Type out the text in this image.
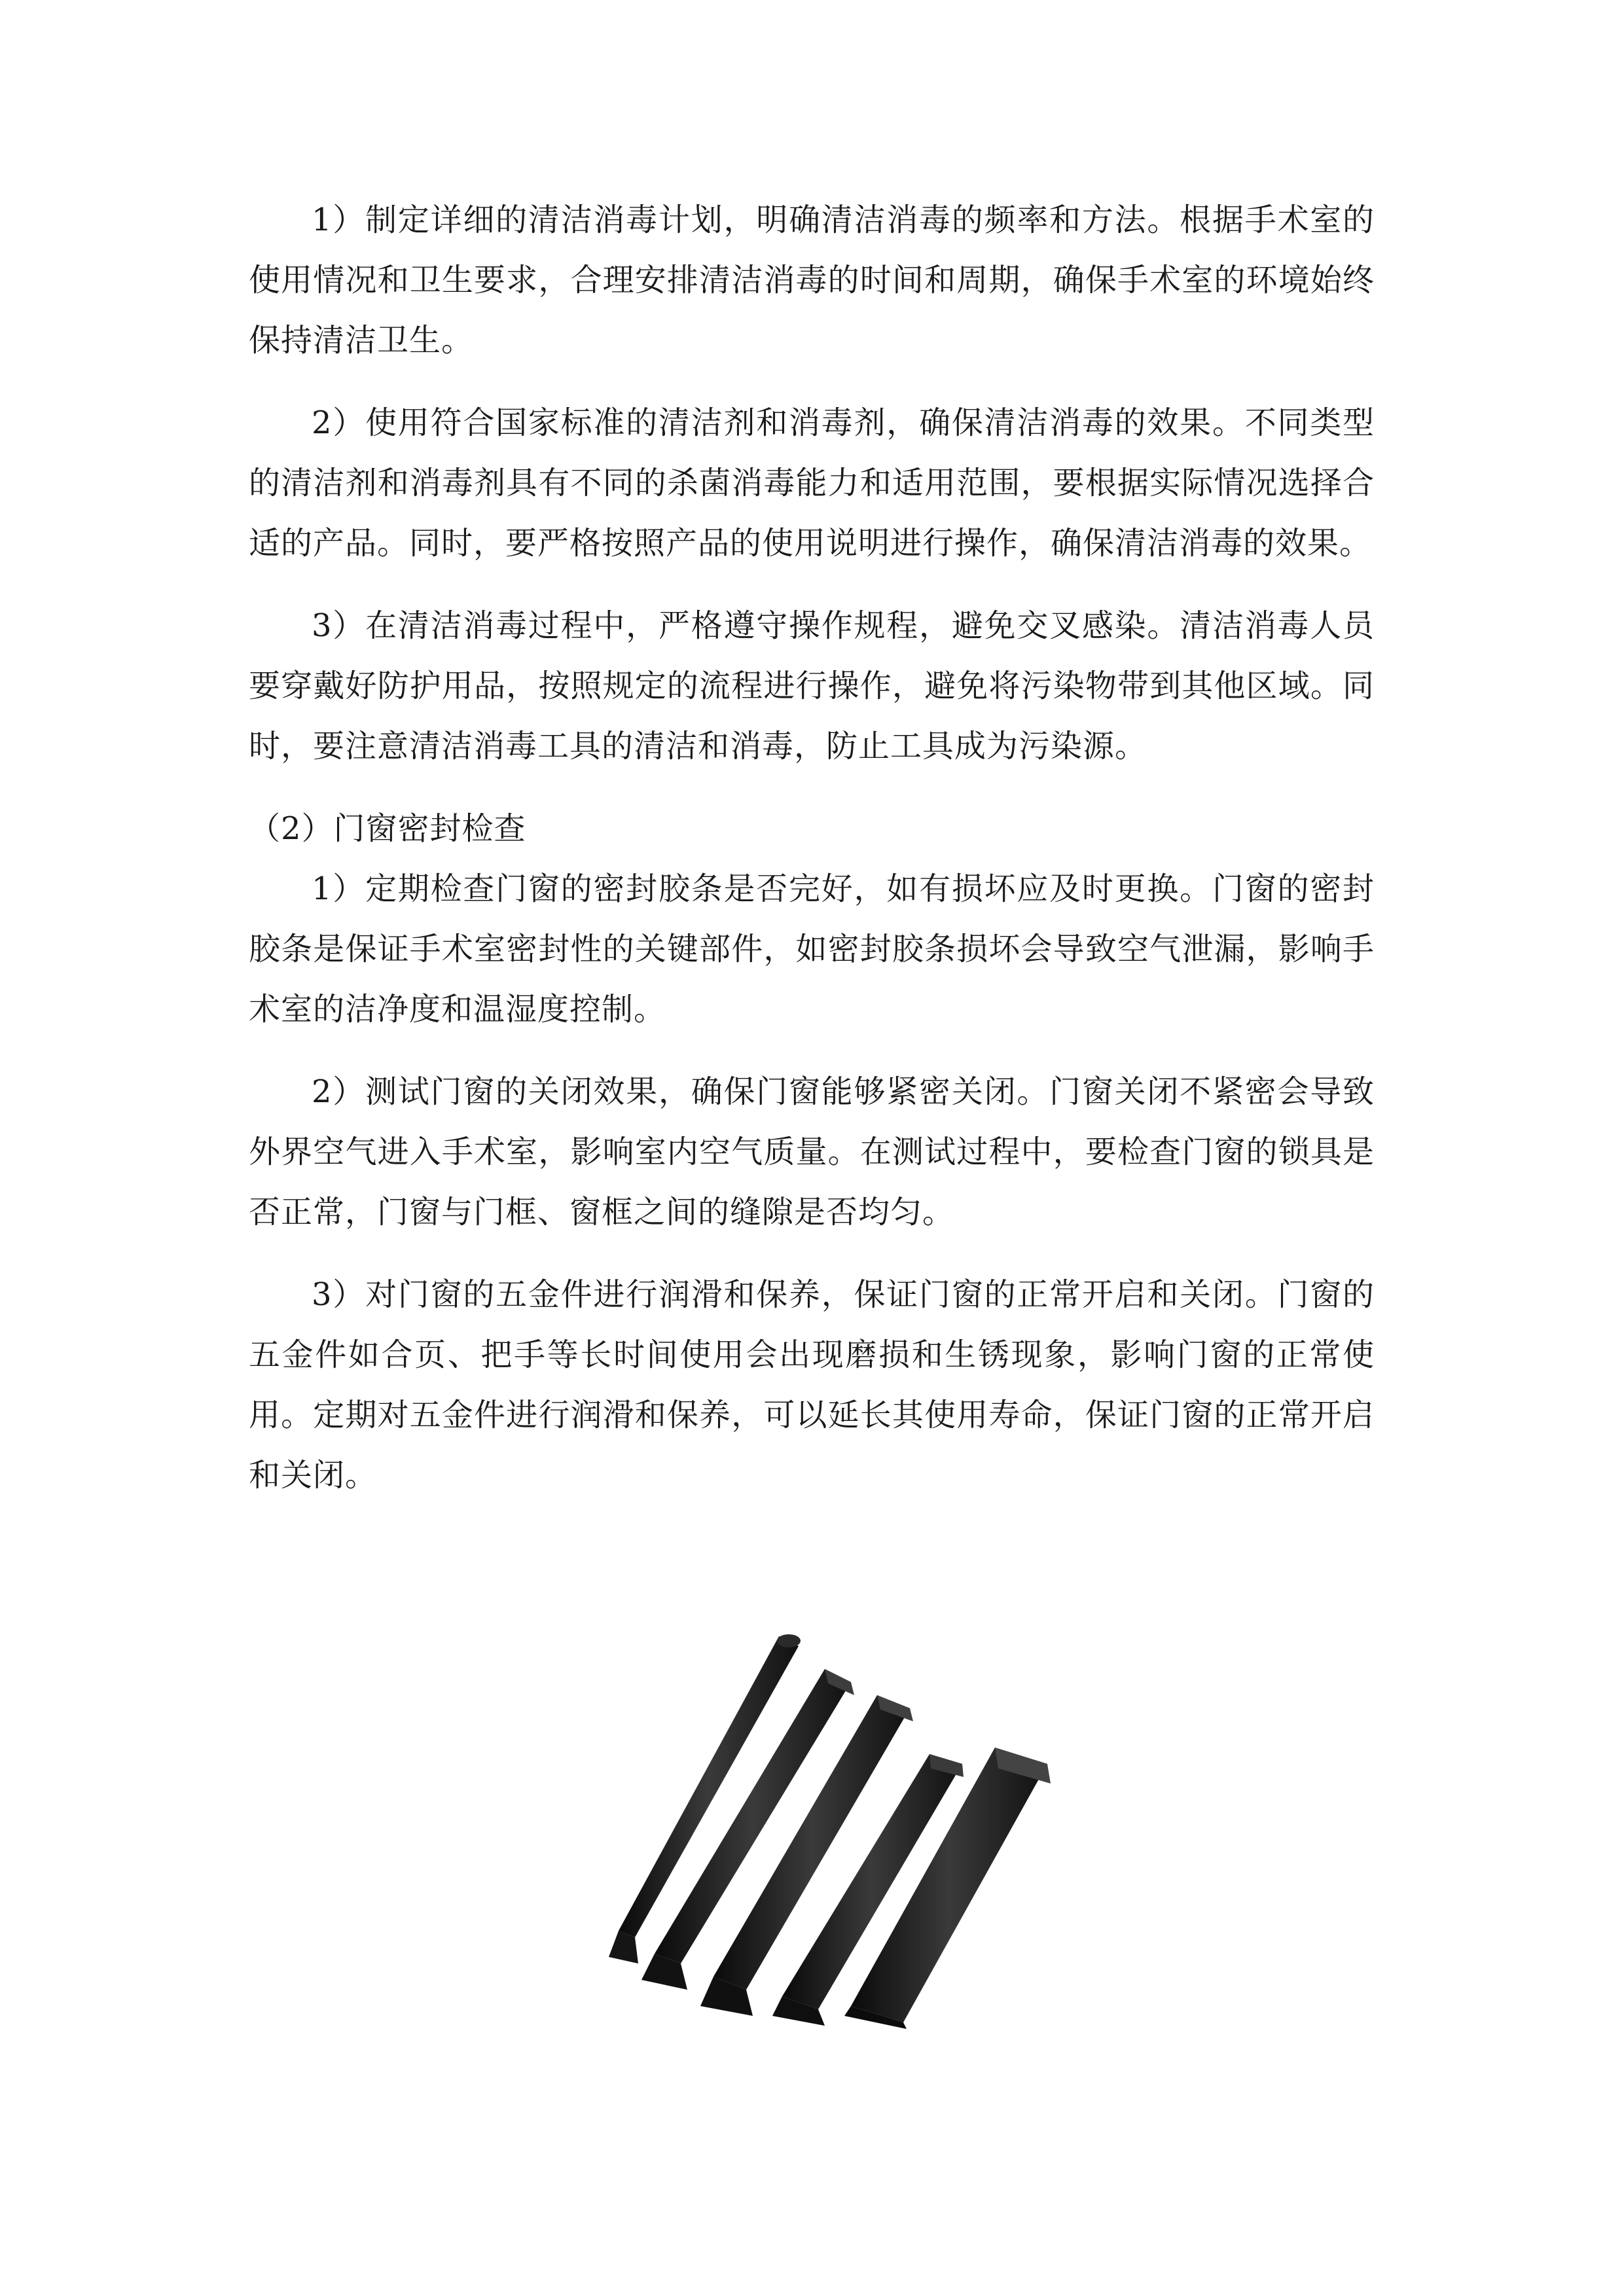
1）制定详细的清洁消毒计划，明确清洁消毒的频率和方法。根据手术室的使用情况和卫生要求，合理安排清洁消毒的时间和周期，确保手术室的环境始终保持清洁卫生。

2）使用符合国家标准的清洁剂和消毒剂，确保清洁消毒的效果。不同类型的清洁剂和消毒剂具有不同的杀菌消毒能力和适用范围，要根据实际情况选择合适的产品。同时，要严格按照产品的使用说明进行操作，确保清洁消毒的效果。

3）在清洁消毒过程中，严格遵守操作规程，避免交叉感染。清洁消毒人员要穿戴好防护用品，按照规定的流程进行操作，避免将污染物带到其他区域。同时，要注意清洁消毒工具的清洁和消毒，防止工具成为污染源。

（2）门窗密封检查

1）定期检查门窗的密封胶条是否完好，如有损坏应及时更换。门窗的密封胶条是保证手术室密封性的关键部件，如密封胶条损坏会导致空气泄漏，影响手术室的洁净度和温湿度控制。

2）测试门窗的关闭效果，确保门窗能够紧密关闭。门窗关闭不紧密会导致外界空气进入手术室，影响室内空气质量。在测试过程中，要检查门窗的锁具是否正常，门窗与门框、窗框之间的缝隙是否均匀。

3）对门窗的五金件进行润滑和保养，保证门窗的正常开启和关闭。门窗的五金件如合页、把手等长时间使用会出现磨损和生锈现象，影响门窗的正常使用。定期对五金件进行润滑和保养，可以延长其使用寿命，保证门窗的正常开启和关闭。
